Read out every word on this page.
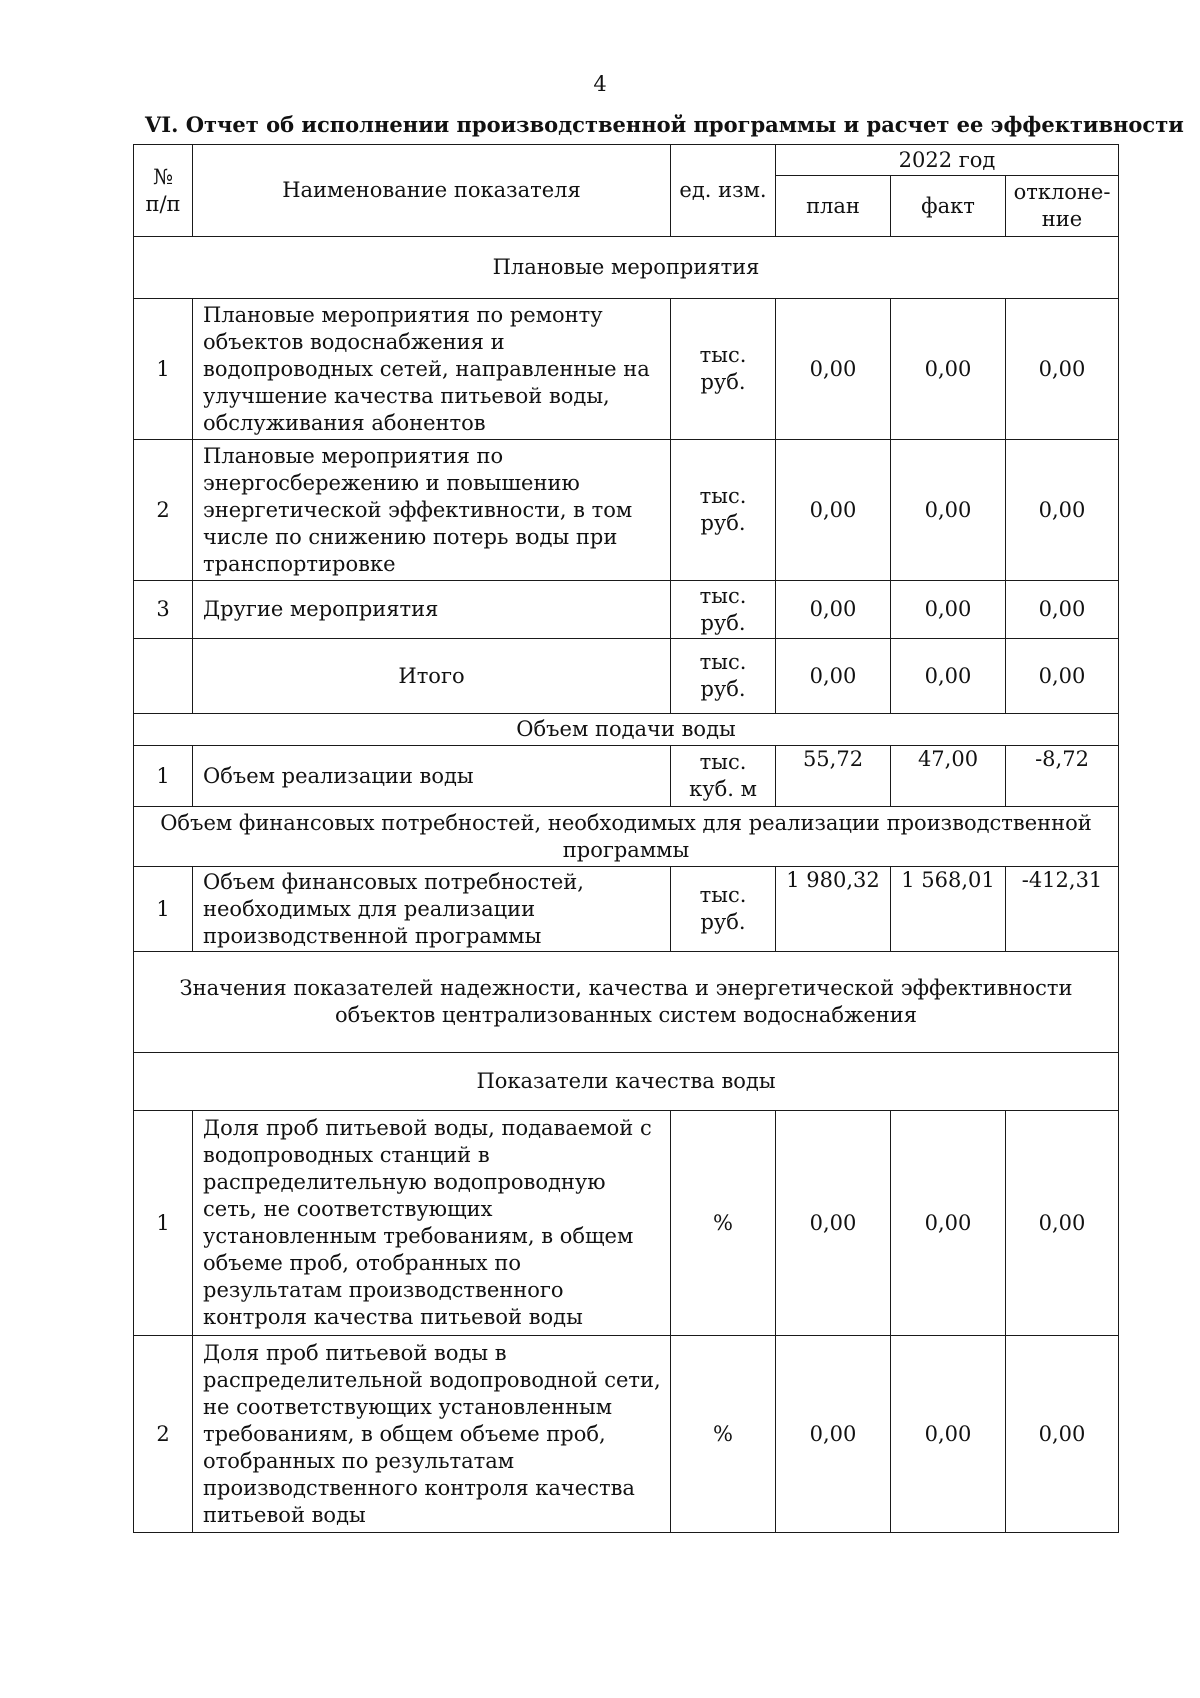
4
VI. Отчет об исполнении производственной программы и расчет ее эффективности
№ п/п	Наименование показателя	ед. изм.	2022 год		
			план	факт	отклоне-ние
Плановые мероприятия					
1	Плановые мероприятия по ремонту объектов водоснабжения и водопроводных сетей, направленные на улучшение качества питьевой воды, обслуживания абонентов	тыс. руб.	0,00	0,00	0,00
2	Плановые мероприятия по энергосбережению и повышению энергетической эффективности, в том числе по снижению потерь воды при транспортировке	тыс. руб.	0,00	0,00	0,00
3	Другие мероприятия	тыс. руб.	0,00	0,00	0,00
	Итого	тыс. руб.	0,00	0,00	0,00
Объем подачи воды					
1	Объем реализации воды	тыс. куб. м	55,72	47,00	-8,72
Объем финансовых потребностей, необходимых для реализации производственной программы					
1	Объем финансовых потребностей, необходимых для реализации производственной программы	тыс. руб.	1 980,32	1 568,01	-412,31
Значения показателей надежности, качества и энергетической эффективности объектов централизованных систем водоснабжения					
Показатели качества воды					
1	Доля проб питьевой воды, подаваемой с водопроводных станций в распределительную водопроводную сеть, не соответствующих установленным требованиям, в общем объеме проб, отобранных по результатам производственного контроля качества питьевой воды	%	0,00	0,00	0,00
2	Доля проб питьевой воды в распределительной водопроводной сети, не соответствующих установленным требованиям, в общем объеме проб, отобранных по результатам производственного контроля качества питьевой воды	%	0,00	0,00	0,00
